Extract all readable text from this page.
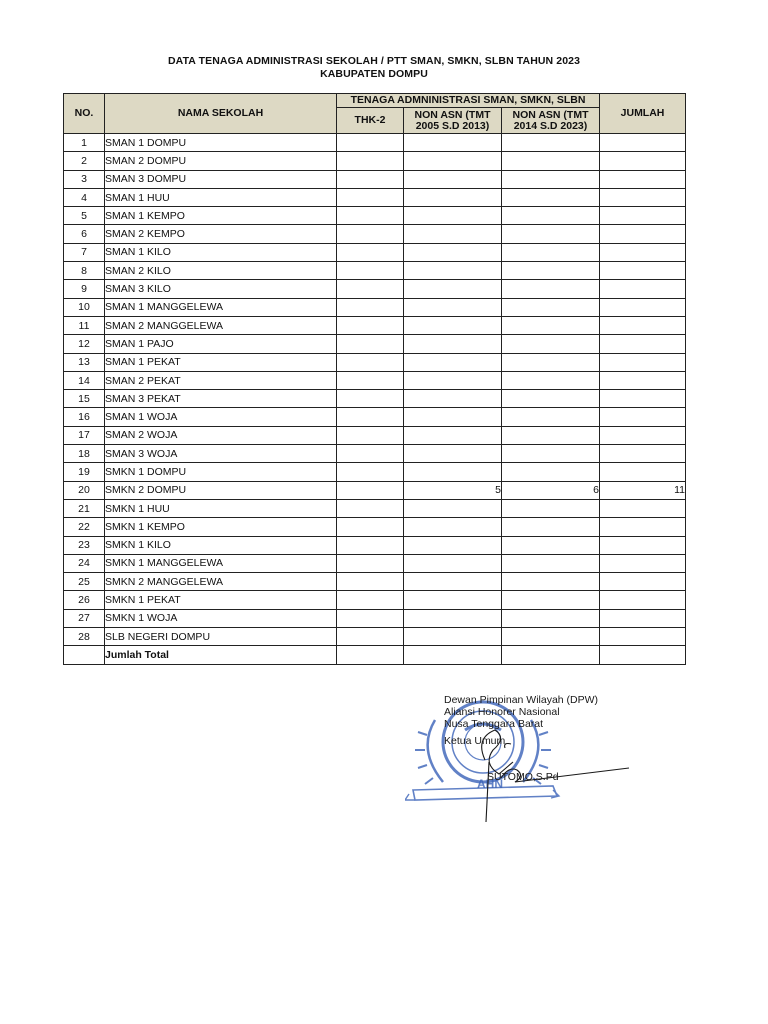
DATA TENAGA ADMINISTRASI SEKOLAH / PTT SMAN, SMKN, SLBN TAHUN 2023
KABUPATEN DOMPU
NO.	NAMA SEKOLAH	TENAGA ADMNINISTRASI SMAN, SMKN, SLBN			JUMLAH
		THK-2	NON ASN (TMT 2005 S.D 2013)	NON ASN (TMT 2014 S.D 2023)	
1	SMAN 1 DOMPU				
2	SMAN 2 DOMPU				
3	SMAN 3 DOMPU				
4	SMAN 1 HUU				
5	SMAN 1 KEMPO				
6	SMAN 2 KEMPO				
7	SMAN 1 KILO				
8	SMAN 2 KILO				
9	SMAN 3 KILO				
10	SMAN 1 MANGGELEWA				
11	SMAN 2 MANGGELEWA				
12	SMAN 1 PAJO				
13	SMAN 1 PEKAT				
14	SMAN 2 PEKAT				
15	SMAN 3 PEKAT				
16	SMAN 1 WOJA				
17	SMAN 2 WOJA				
18	SMAN 3 WOJA				
19	SMKN 1 DOMPU				
20	SMKN 2 DOMPU		5	6	11
21	SMKN 1 HUU				
22	SMKN 1 KEMPO				
23	SMKN 1 KILO				
24	SMKN 1 MANGGELEWA				
25	SMKN 2 MANGGELEWA				
26	SMKN 1 PEKAT				
27	SMKN 1 WOJA				
28	SLB NEGERI DOMPU				
	Jumlah Total				
AHN
Dewan Pimpinan Wilayah (DPW)
Aliansi Honorer Nasional
Nusa Tenggara Barat
Ketua Umum
SUTOMO,S.Pd
